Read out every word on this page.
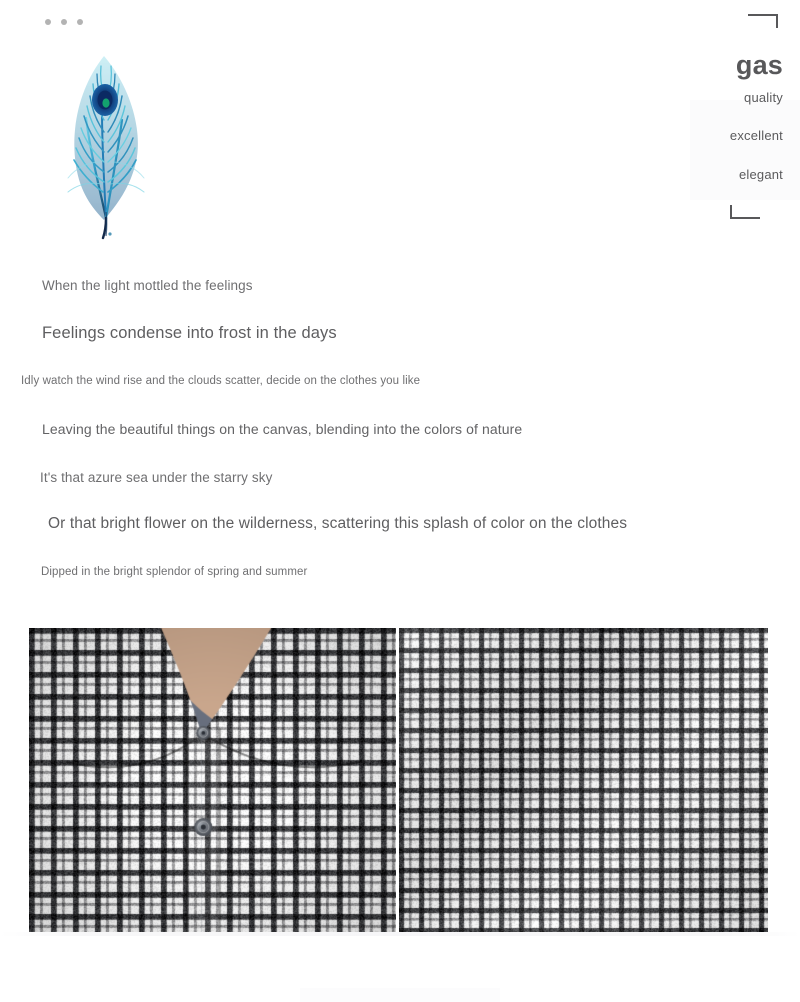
gas
quality
excellent
elegant
When the light mottled the feelings
Feelings condense into frost in the days
Idly watch the wind rise and the clouds scatter, decide on the clothes you like
Leaving the beautiful things on the canvas, blending into the colors of nature
It's that azure sea under the starry sky
Or that bright flower on the wilderness, scattering this splash of color on the clothes
Dipped in the bright splendor of spring and summer
